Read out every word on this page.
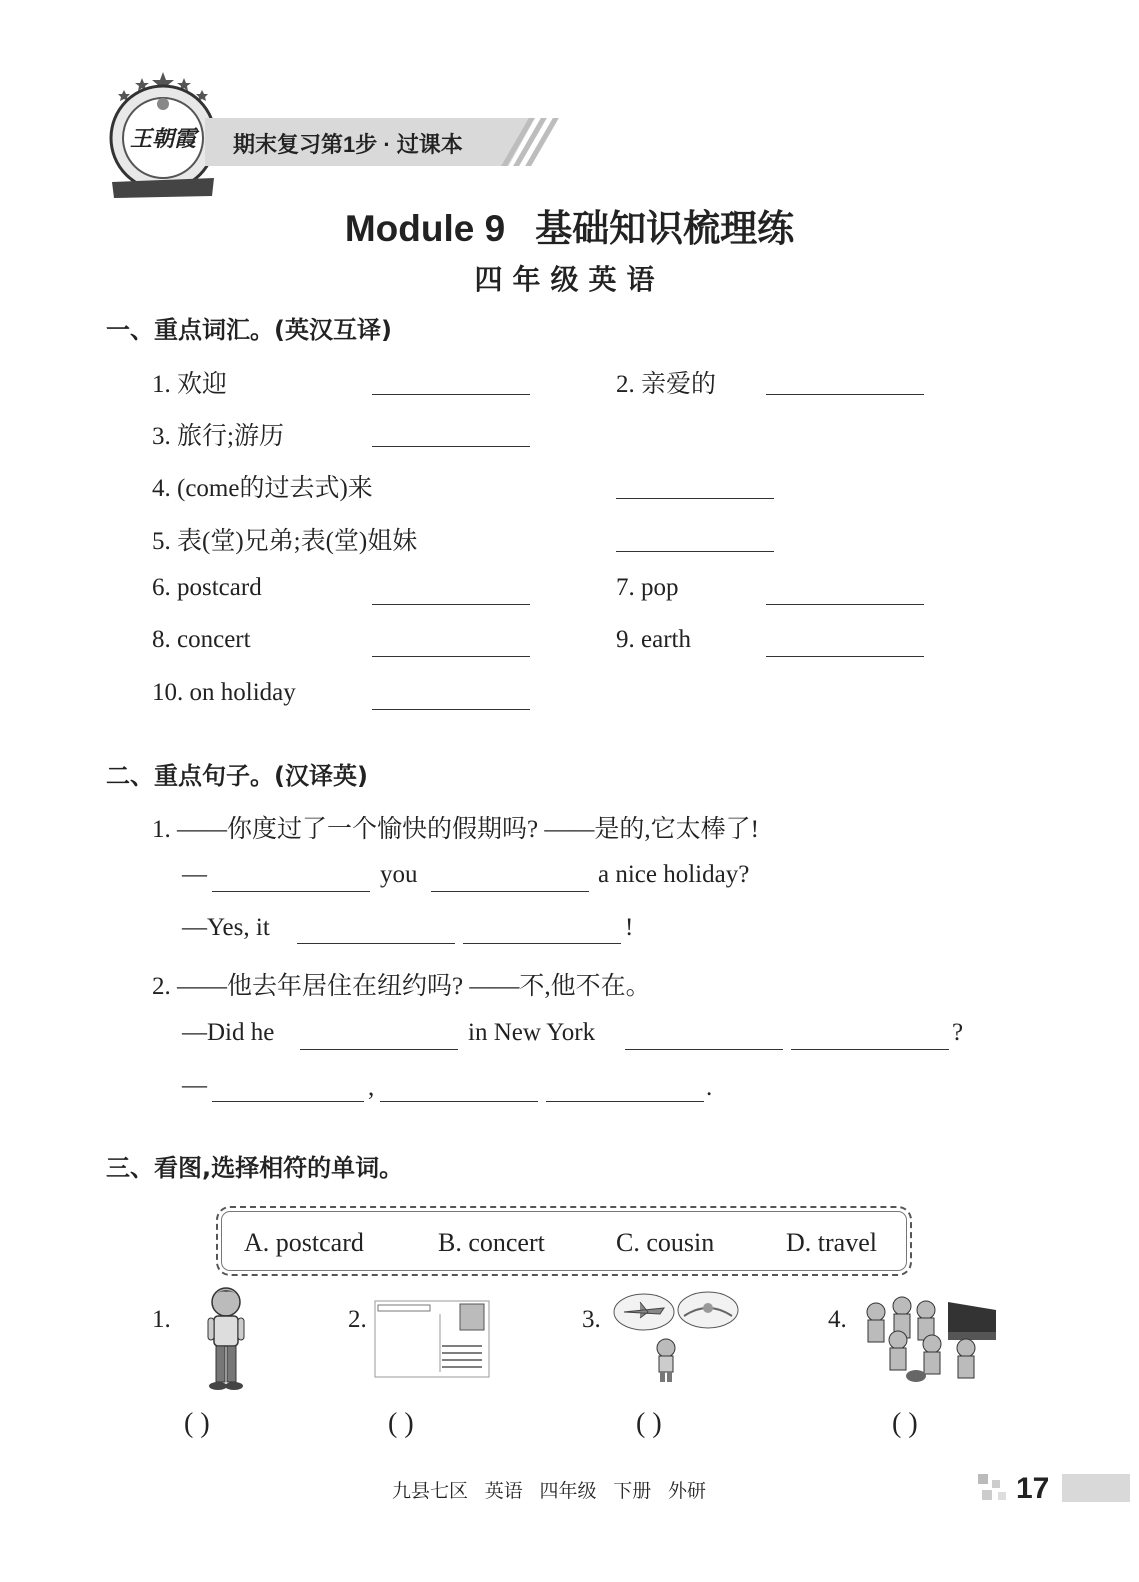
王朝霞	期末复习第1步 · 过课本
Module 9 基础知识梳理练
四年级英语
一、重点词汇。(英汉互译)
1. 欢迎	2. 亲爱的
3. 旅行;游历
4. (come的过去式)来
5. 表(堂)兄弟;表(堂)姐妹
6. postcard	7. pop
8. concert	9. earth
10. on holiday
二、重点句子。(汉译英)
1. ——你度过了一个愉快的假期吗? ——是的,它太棒了!
—	you	a nice holiday?
—Yes, it	!
2. ——他去年居住在纽约吗? ——不,他不在。
—Did he	in New York	?
—	,	.
三、看图,选择相符的单词。
A. postcard	B. concert	C. cousin	D. travel
1.
( )
2.
( )
3.
( )
4.
( )
九县七区 英语 四年级 下册 外研	17
